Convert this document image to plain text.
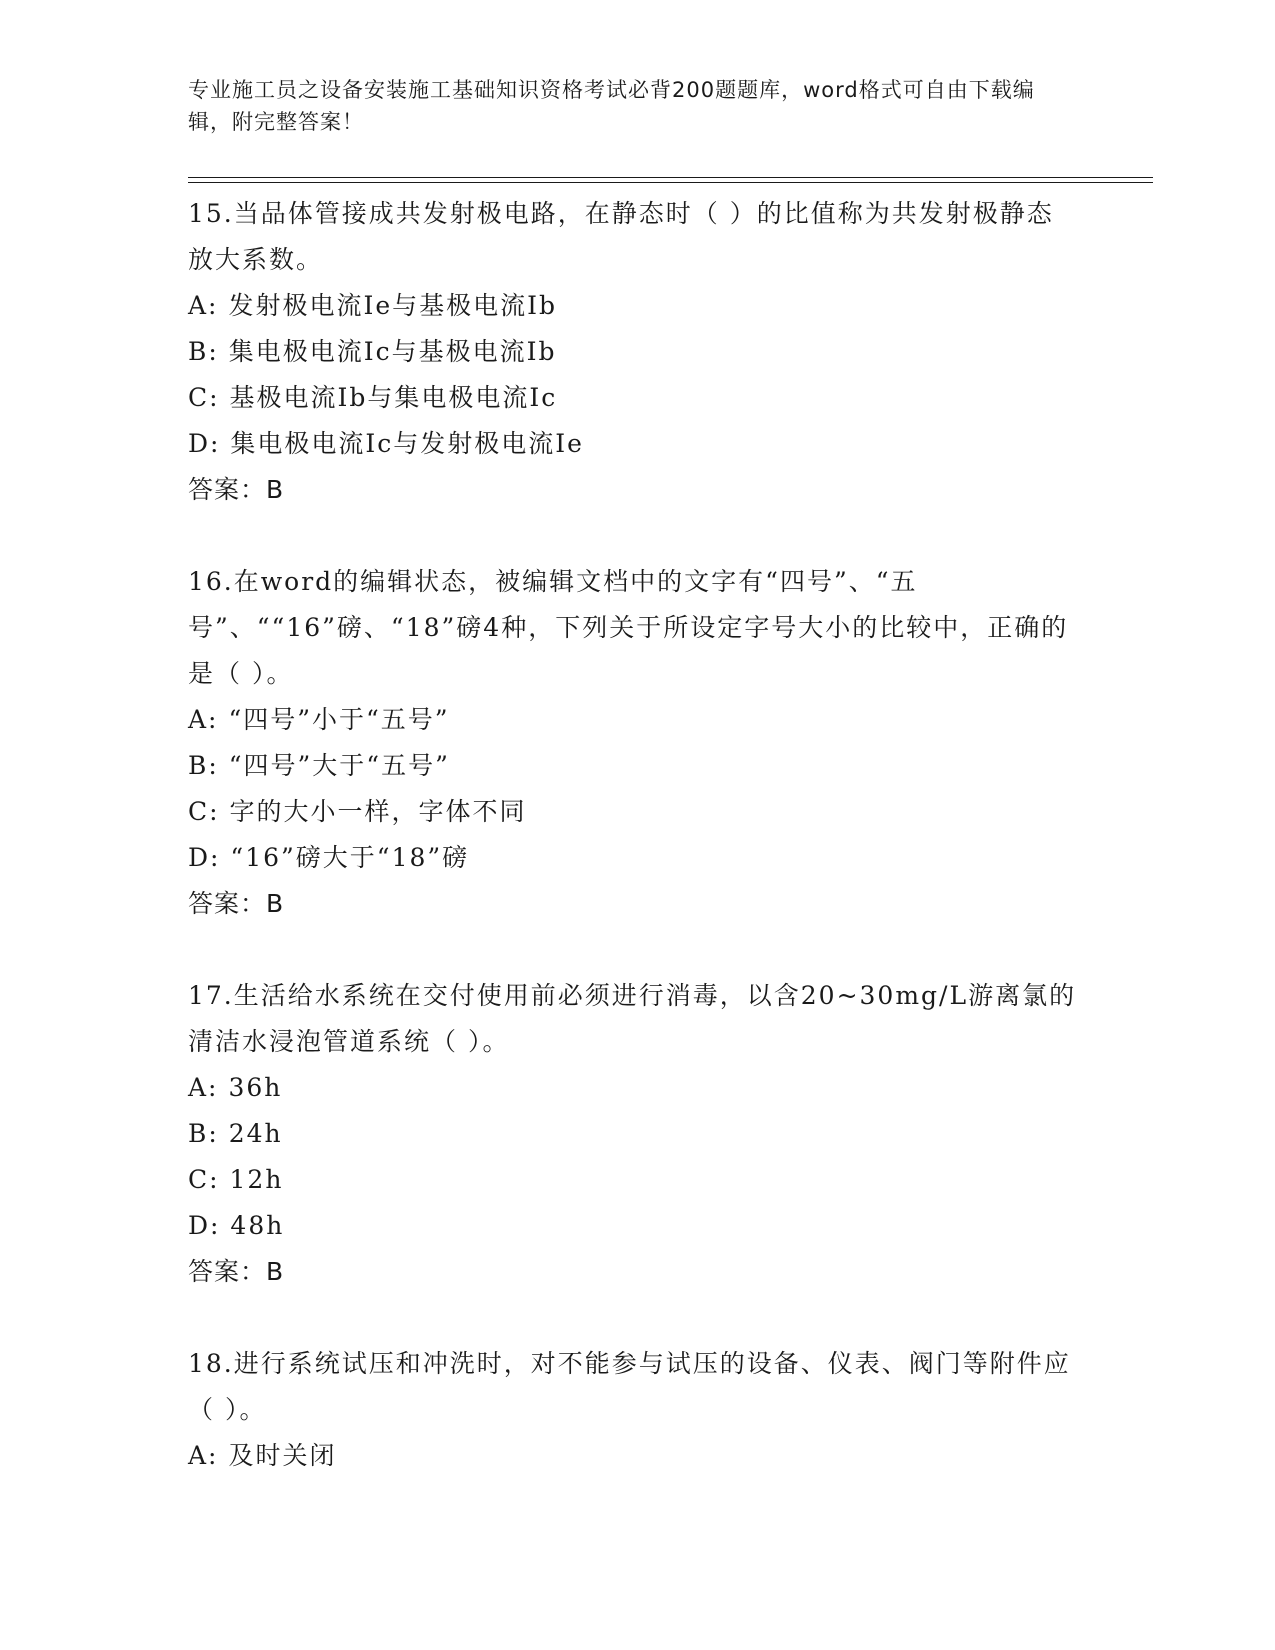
专业施工员之设备安装施工基础知识资格考试必背200题题库，word格式可自由下载编辑，附完整答案！
15.当品体管接成共发射极电路，在静态时（ ）的比值称为共发射极静态放大系数。
A: 发射极电流Ie与基极电流Ib
B: 集电极电流Ic与基极电流Ib
C: 基极电流Ib与集电极电流Ic
D: 集电极电流Ic与发射极电流Ie
答案：B
16.在word的编辑状态，被编辑文档中的文字有“四号”、“五号”、““16”磅、“18”磅4种，下列关于所设定字号大小的比较中，正确的是（ ）。
A: “四号”小于“五号”
B: “四号”大于“五号”
C: 字的大小一样，字体不同
D: “16”磅大于“18”磅
答案：B
17.生活给水系统在交付使用前必须进行消毒，以含20~30mg/L游离氯的清洁水浸泡管道系统（ ）。
A: 36h
B: 24h
C: 12h
D: 48h
答案：B
18.进行系统试压和冲洗时，对不能参与试压的设备、仪表、阀门等附件应（ ）。
A: 及时关闭
